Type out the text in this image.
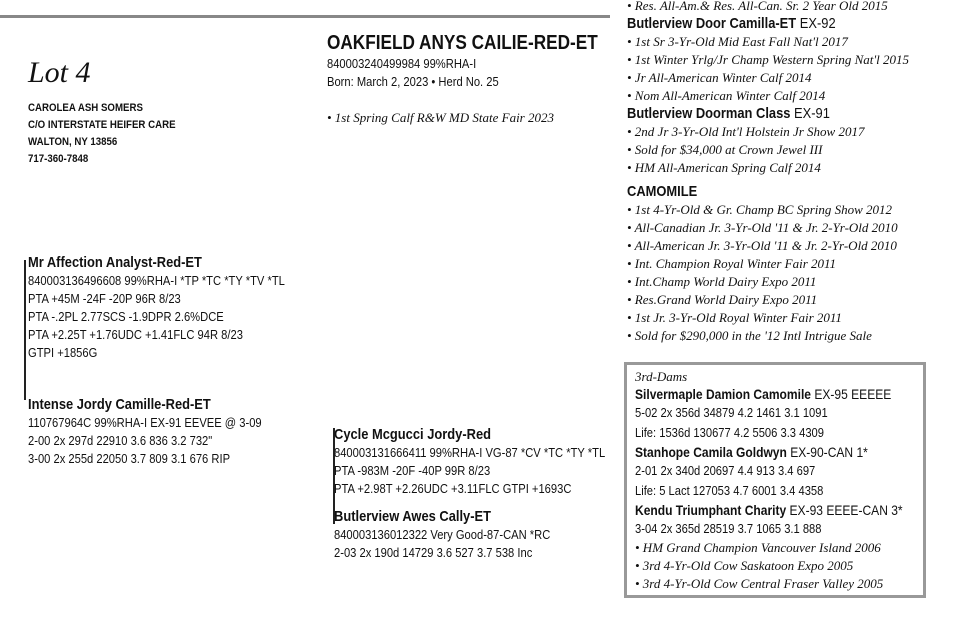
Lot 4
CAROLEA ASH SOMERS
C/O INTERSTATE HEIFER CARE
WALTON, NY 13856
717-360-7848
OAKFIELD ANYS CAILIE-RED-ET
840003240499984 99%RHA-I
Born: March 2, 2023 • Herd No. 25
• 1st Spring Calf R&W MD State Fair 2023
Mr Affection Analyst-Red-ET
840003136496608 99%RHA-I *TP *TC *TY *TV *TL
PTA +45M -24F -20P 96R 8/23
PTA -.2PL 2.77SCS -1.9DPR 2.6%DCE
PTA +2.25T +1.76UDC +1.41FLC 94R 8/23
GTPI +1856G
Intense Jordy Camille-Red-ET
110767964C 99%RHA-I EX-91 EEVEE @ 3-09
2-00 2x 297d 22910 3.6 836 3.2 732"
3-00 2x 255d 22050 3.7 809 3.1 676 RIP
Cycle Mcgucci Jordy-Red
840003131666411 99%RHA-I VG-87 *CV *TC *TY *TL
PTA -983M -20F -40P 99R 8/23
PTA +2.98T +2.26UDC +3.11FLC GTPI +1693C
Butlerview Awes Cally-ET
840003136012322 Very Good-87-CAN *RC
2-03 2x 190d 14729 3.6 527 3.7 538 Inc
• Res. All-Am.& Res. All-Can. Sr. 2 Year Old 2015
Butlerview Door Camilla-ET EX-92
• 1st Sr 3-Yr-Old Mid East Fall Nat'l 2017
• 1st Winter Yrlg/Jr Champ Western Spring Nat'l 2015
• Jr All-American Winter Calf 2014
• Nom All-American Winter Calf 2014
Butlerview Doorman Class EX-91
• 2nd Jr 3-Yr-Old Int'l Holstein Jr Show 2017
• Sold for $34,000 at Crown Jewel III
• HM All-American Spring Calf 2014
CAMOMILE
• 1st 4-Yr-Old & Gr. Champ BC Spring Show 2012
• All-Canadian Jr. 3-Yr-Old '11 & Jr. 2-Yr-Old 2010
• All-American Jr. 3-Yr-Old '11 & Jr. 2-Yr-Old 2010
• Int. Champion Royal Winter Fair 2011
• Int.Champ World Dairy Expo 2011
• Res.Grand World Dairy Expo 2011
• 1st Jr. 3-Yr-Old Royal Winter Fair 2011
• Sold for $290,000 in the '12 Intl Intrigue Sale
3rd-Dams
Silvermaple Damion Camomile EX-95 EEEEE
5-02 2x 356d 34879 4.2 1461 3.1 1091
Life: 1536d 130677 4.2 5506 3.3 4309
Stanhope Camila Goldwyn EX-90-CAN 1*
2-01 2x 340d 20697 4.4 913 3.4 697
Life: 5 Lact 127053 4.7 6001 3.4 4358
Kendu Triumphant Charity EX-93 EEEE-CAN 3*
3-04 2x 365d 28519 3.7 1065 3.1 888
• HM Grand Champion Vancouver Island 2006
• 3rd 4-Yr-Old Cow Saskatoon Expo 2005
• 3rd 4-Yr-Old Cow Central Fraser Valley 2005
